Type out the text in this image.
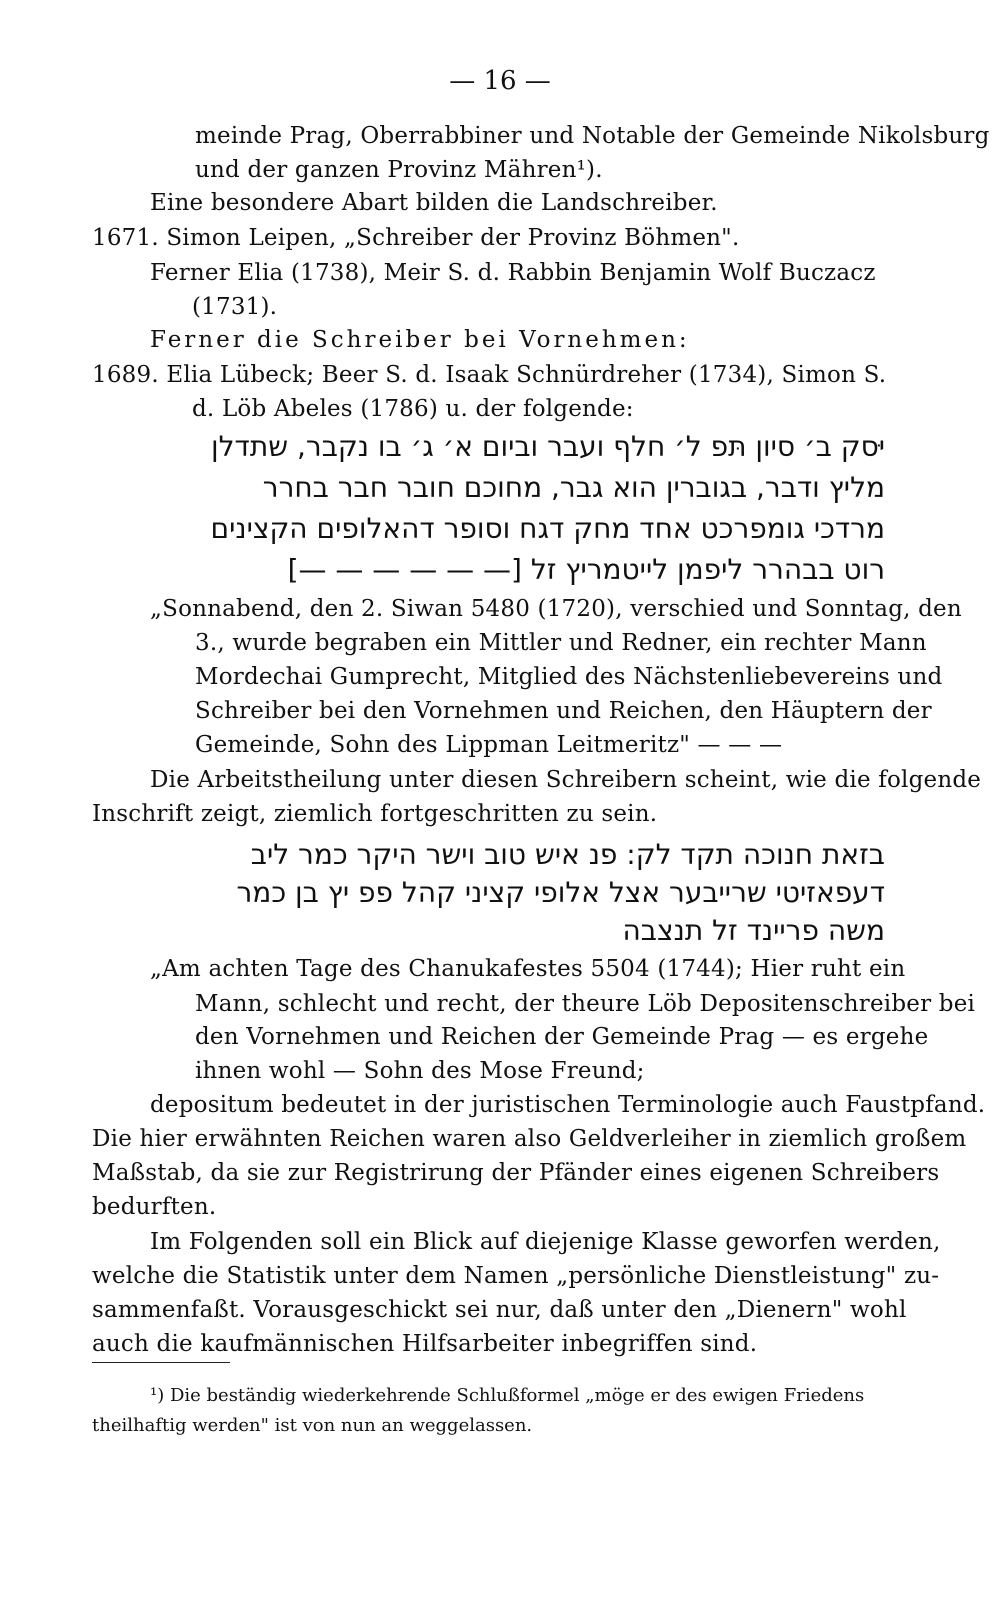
— 16 —
meinde Prag, Oberrabbiner und Notable der Gemeinde Nikolsburg
und der ganzen Provinz Mähren¹).
Eine besondere Abart bilden die Landschreiber.
1671. Simon Leipen, „Schreiber der Provinz Böhmen".
Ferner Elia (1738), Meir S. d. Rabbin Benjamin Wolf Buczacz
(1731).
Ferner die Schreiber bei Vornehmen:
1689. Elia Lübeck; Beer S. d. Isaak Schnürdreher (1734), Simon S.
d. Löb Abeles (1786) u. der folgende:
יּסק ב׳ סיון תּפ ל׳ חלף ועבר וביום א׳ ג׳ בו נקבר, שתדלן
מליץ ודבר, בגוברין הוא גבר, מחוכם חובר חבר בחרר
מרדכי גומפרכט אחד מחק דגח וסופר דהאלופים הקצינים
רוט בבהרר ליפמן לייטמריץ זל [— — — — — —]
„Sonnabend, den 2. Siwan 5480 (1720), verschied und Sonntag, den
3., wurde begraben ein Mittler und Redner, ein rechter Mann
Mordechai Gumprecht, Mitglied des Nächstenliebevereins und
Schreiber bei den Vornehmen und Reichen, den Häuptern der
Gemeinde, Sohn des Lippman Leitmeritz" — — —
Die Arbeitstheilung unter diesen Schreibern scheint, wie die folgende
Inschrift zeigt, ziemlich fortgeschritten zu sein.
בזאת חנוכה תקד לק: פנ איש טוב וישר היקר כמר ליב
דעפאזיטי שרייבער אצל אלופי קציני קהל פפ יץ בן כמר
משה פריינד זל תנצבה
„Am achten Tage des Chanukafestes 5504 (1744); Hier ruht ein
Mann, schlecht und recht, der theure Löb Depositenschreiber bei
den Vornehmen und Reichen der Gemeinde Prag — es ergehe
ihnen wohl — Sohn des Mose Freund;
depositum bedeutet in der juristischen Terminologie auch Faustpfand.
Die hier erwähnten Reichen waren also Geldverleiher in ziemlich großem
Maßstab, da sie zur Registrirung der Pfänder eines eigenen Schreibers
bedurften.
Im Folgenden soll ein Blick auf diejenige Klasse geworfen werden,
welche die Statistik unter dem Namen „persönliche Dienstleistung" zu-
sammenfaßt. Vorausgeschickt sei nur, daß unter den „Dienern" wohl
auch die kaufmännischen Hilfsarbeiter inbegriffen sind.
¹) Die beständig wiederkehrende Schlußformel „möge er des ewigen Friedens
theilhaftig werden" ist von nun an weggelassen.
